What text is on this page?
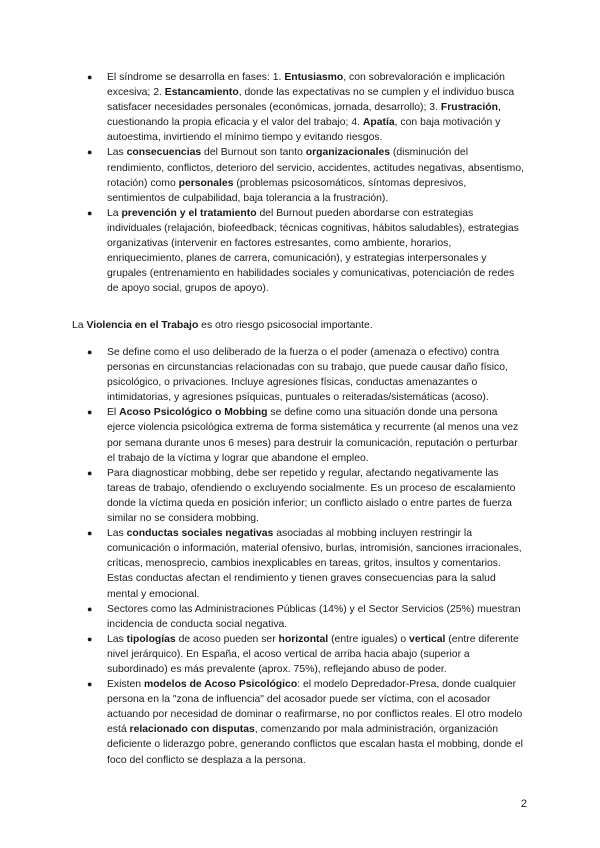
●	El síndrome se desarrolla en fases: 1. Entusiasmo, con sobrevaloración e implicación excesiva; 2. Estancamiento, donde las expectativas no se cumplen y el individuo busca satisfacer necesidades personales (económicas, jornada, desarrollo); 3. Frustración, cuestionando la propia eficacia y el valor del trabajo; 4. Apatía, con baja motivación y autoestima, invirtiendo el mínimo tiempo y evitando riesgos.
●	Las consecuencias del Burnout son tanto organizacionales (disminución del rendimiento, conflictos, deterioro del servicio, accidentes, actitudes negativas, absentismo, rotación) como personales (problemas psicosomáticos, síntomas depresivos, sentimientos de culpabilidad, baja tolerancia a la frustración).
●	La prevención y el tratamiento del Burnout pueden abordarse con estrategias individuales (relajación, biofeedback, técnicas cognitivas, hábitos saludables), estrategias organizativas (intervenir en factores estresantes, como ambiente, horarios, enriquecimiento, planes de carrera, comunicación), y estrategias interpersonales y grupales (entrenamiento en habilidades sociales y comunicativas, potenciación de redes de apoyo social, grupos de apoyo).

La Violencia en el Trabajo es otro riesgo psicosocial importante.

●	Se define como el uso deliberado de la fuerza o el poder (amenaza o efectivo) contra personas en circunstancias relacionadas con su trabajo, que puede causar daño físico, psicológico, o privaciones. Incluye agresiones físicas, conductas amenazantes o intimidatorias, y agresiones psíquicas, puntuales o reiteradas/sistemáticas (acoso).
●	El Acoso Psicológico o Mobbing se define como una situación donde una persona ejerce violencia psicológica extrema de forma sistemática y recurrente (al menos una vez por semana durante unos 6 meses) para destruir la comunicación, reputación o perturbar el trabajo de la víctima y lograr que abandone el empleo.
●	Para diagnosticar mobbing, debe ser repetido y regular, afectando negativamente las tareas de trabajo, ofendiendo o excluyendo socialmente. Es un proceso de escalamiento donde la víctima queda en posición inferior; un conflicto aislado o entre partes de fuerza similar no se considera mobbing.
●	Las conductas sociales negativas asociadas al mobbing incluyen restringir la comunicación o información, material ofensivo, burlas, intromisión, sanciones irracionales, críticas, menosprecio, cambios inexplicables en tareas, gritos, insultos y comentarios. Estas conductas afectan el rendimiento y tienen graves consecuencias para la salud mental y emocional.
●	Sectores como las Administraciones Públicas (14%) y el Sector Servicios (25%) muestran incidencia de conducta social negativa.
●	Las tipologías de acoso pueden ser horizontal (entre iguales) o vertical (entre diferente nivel jerárquico). En España, el acoso vertical de arriba hacia abajo (superior a subordinado) es más prevalente (aprox. 75%), reflejando abuso de poder.
●	Existen modelos de Acoso Psicológico: el modelo Depredador-Presa, donde cualquier persona en la "zona de influencia" del acosador puede ser víctima, con el acosador actuando por necesidad de dominar o reafirmarse, no por conflictos reales. El otro modelo está relacionado con disputas, comenzando por mala administración, organización deficiente o liderazgo pobre, generando conflictos que escalan hasta el mobbing, donde el foco del conflicto se desplaza a la persona.
2
